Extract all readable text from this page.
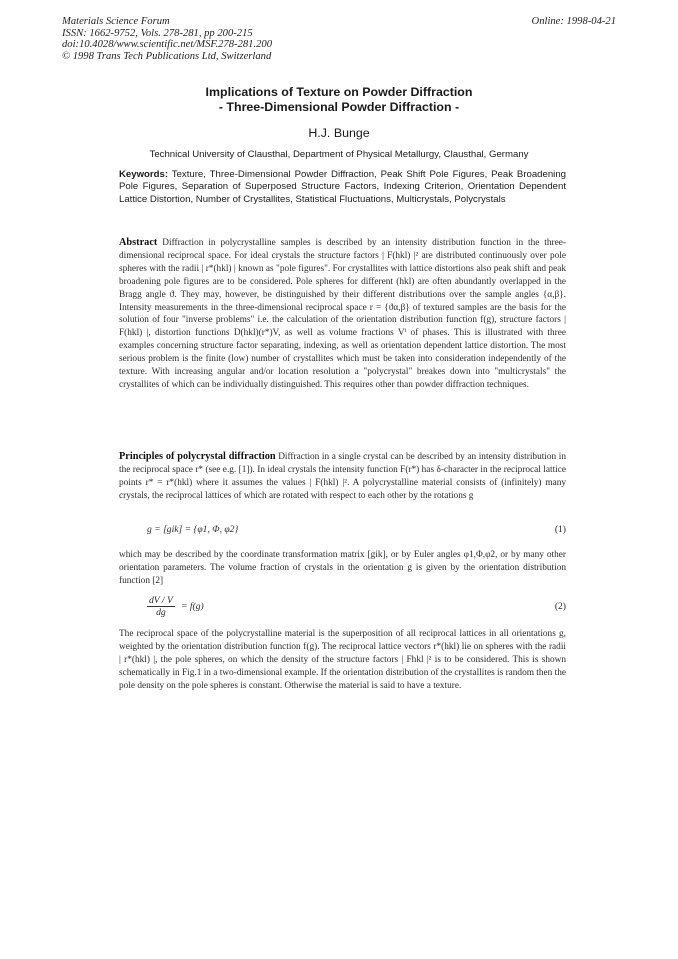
Materials Science Forum
ISSN: 1662-9752, Vols. 278-281, pp 200-215
doi:10.4028/www.scientific.net/MSF.278-281.200
© 1998 Trans Tech Publications Ltd, Switzerland
Online: 1998-04-21
Implications of Texture on Powder Diffraction
- Three-Dimensional Powder Diffraction -
H.J. Bunge
Technical University of Clausthal, Department of Physical Metallurgy, Clausthal, Germany
Keywords: Texture, Three-Dimensional Powder Diffraction, Peak Shift Pole Figures, Peak Broadening Pole Figures, Separation of Superposed Structure Factors, Indexing Criterion, Orientation Dependent Lattice Distortion, Number of Crystallites, Statistical Fluctuations, Multicrystals, Polycrystals
Abstract Diffraction in polycrystalline samples is described by an intensity distribution function in the three-dimensional reciprocal space. For ideal crystals the structure factors | F(hkl) |² are distributed continuously over pole spheres with the radii | r*(hkl) | known as "pole figures". For crystallites with lattice distortions also peak shift and peak broadening pole figures are to be considered. Pole spheres for different (hkl) are often abundantly overlapped in the Bragg angle ϑ. They may, however, be distinguished by their different distributions over the sample angles {α,β}. Intensity measurements in the three-dimensional reciprocal space r = {ϑα,β} of textured samples are the basis for the solution of four "inverse problems" i.e. the calculation of the orientation distribution function f(g), structure factors | F(hkl) |, distortion functions D(hkl)(r*)V, as well as volume fractions Vⁱ of phases. This is illustrated with three examples concerning structure factor separating, indexing, as well as orientation dependent lattice distortion. The most serious problem is the finite (low) number of crystallites which must be taken into consideration independently of the texture. With increasing angular and/or location resolution a "polycrystal" breakes down into "multicrystals" the crystallites of which can be individually distinguished. This requires other than powder diffraction techniques.
Principles of polycrystal diffraction Diffraction in a single crystal can be described by an intensity distribution in the reciprocal space r* (see e.g. [1]). In ideal crystals the intensity function F(r*) has δ-character in the reciprocal lattice points r* = r*(hkl) where it assumes the values | F(hkl) |². A polycrystalline material consists of (infinitely) many crystals, the reciprocal lattices of which are rotated with respect to each other by the rotations g
g = [gik] = {φ1, Φ, φ2}	(1)
which may be described by the coordinate transformation matrix [gik], or by Euler angles φ1,Φ,φ2, or by many other orientation parameters. The volume fraction of crystals in the orientation g is given by the orientation distribution function [2]
$\frac{dV / V}{dg} = f(g)$	(2)
The reciprocal space of the polycrystalline material is the superposition of all reciprocal lattices in all orientations g, weighted by the orientation distribution function f(g). The reciprocal lattice vectors r*(hkl) lie on spheres with the radii | r*(hkl) |, the pole spheres, on which the density of the structure factors | Fhkl |² is to be considered. This is shown schematically in Fig.1 in a two-dimensional example. If the orientation distribution of the crystallites is random then the pole density on the pole spheres is constant. Otherwise the material is said to have a texture.
